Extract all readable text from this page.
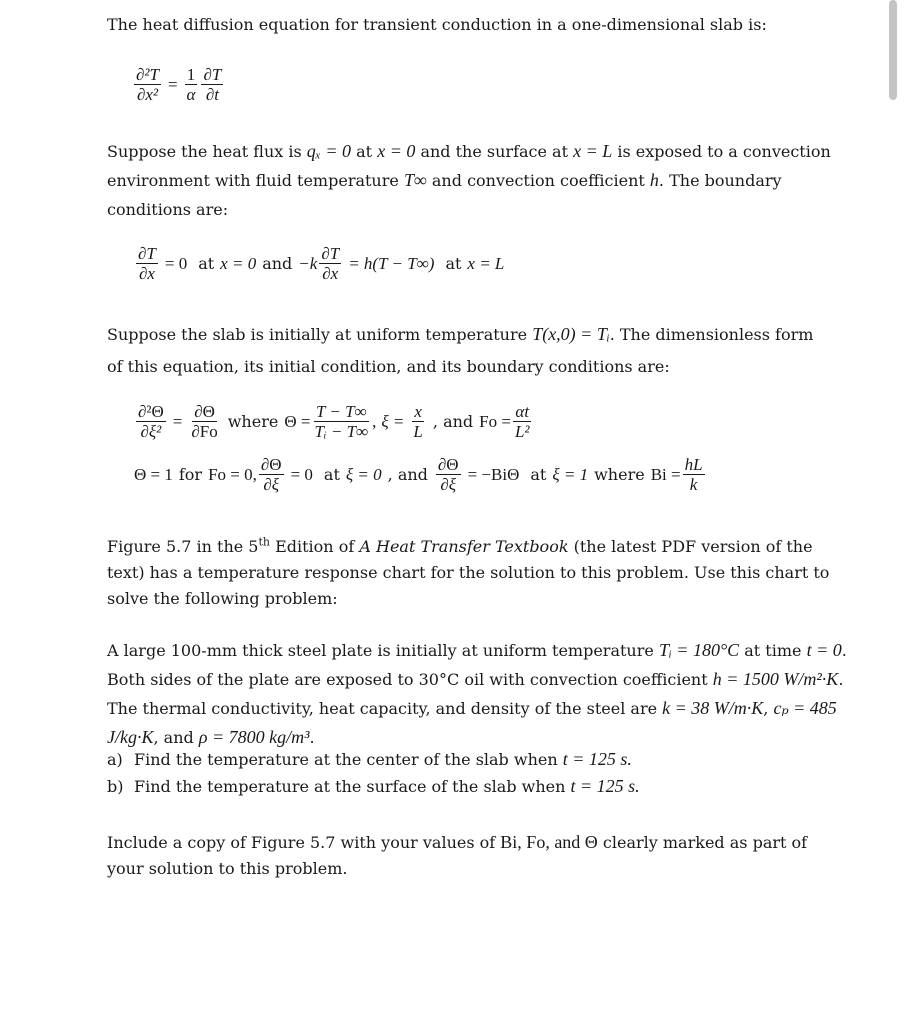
The heat diffusion equation for transient conduction in a one-dimensional slab is:
$\frac{\text{∂²T}}{\text{∂x²}} = \frac{1}{\alpha} \frac{\partial T}{\partial t}$
Suppose the heat flux is qₓ = 0 at x = 0 and the surface at x = L is exposed to a convection environment with fluid temperature T∞ and convection coefficient h. The boundary conditions are:
$\frac{\partial T}{\partial x} = 0$ at x = 0 and $-k \frac{\partial T}{\partial x} = h(T - T\infty)$ at x = L
Suppose the slab is initially at uniform temperature T(x,0) = Tᵢ. The dimensionless form of this equation, its initial condition, and its boundary conditions are:
$\frac{\text{∂²Θ}}{\text{∂ξ²}} = \frac{\partial\Theta}{\partial Fo}$ where $\Theta = \frac{T - T\infty}{\text{Tᵢ − T∞}}$ , $\xi = \frac{x}{L}$ , and $Fo = \frac{\alpha t}{\text{L²}}$
Θ = 1 for Fo = 0, $\frac{\partial\Theta}{\partial\xi} = 0$ at ξ = 0 , and $\frac{\partial\Theta}{\partial\xi} = -Bi\Theta$ at ξ = 1 where $Bi = \frac{hL}{k}$
Figure 5.7 in the 5th Edition of A Heat Transfer Textbook (the latest PDF version of the text) has a temperature response chart for the solution to this problem. Use this chart to solve the following problem:
A large 100-mm thick steel plate is initially at uniform temperature Tᵢ = 180°C at time t = 0. Both sides of the plate are exposed to 30°C oil with convection coefficient h = 1500 W/m²·K. The thermal conductivity, heat capacity, and density of the steel are k = 38 W/m·K, cₚ = 485 J/kg·K, and ρ = 7800 kg/m³.
a) Find the temperature at the center of the slab when t = 125 s.
b) Find the temperature at the surface of the slab when t = 125 s.
Include a copy of Figure 5.7 with your values of Bi, Fo, and Θ clearly marked as part of your solution to this problem.
